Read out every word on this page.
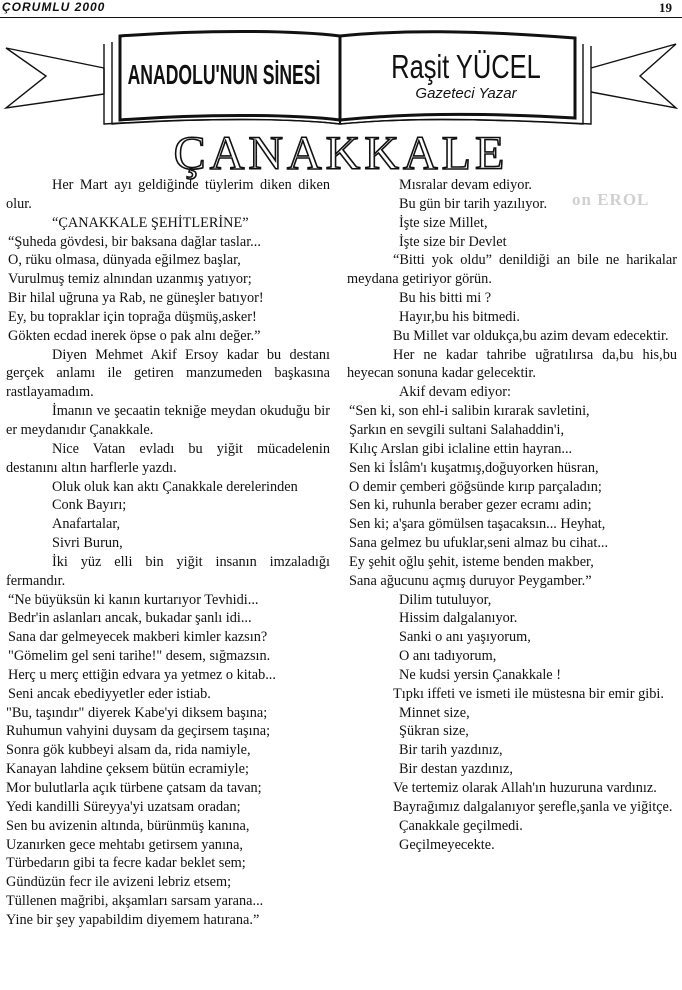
ÇORUMLU 2000	19
ANADOLU'NUN SİNESİ Raşit YÜCEL
Gazeteci Yazar
ÇANAKKALE
on EROL

Her Mart ayı geldiğinde tüylerim diken diken olur.

“ÇANAKKALE ŞEHİTLERİNE”

“Şuheda gövdesi, bir baksana dağlar taslar...

O, rüku olmasa, dünyada eğilmez başlar,

Vurulmuş temiz alnından uzanmış yatıyor;

Bir hilal uğruna ya Rab, ne güneşler batıyor!

Ey, bu topraklar için toprağa düşmüş,asker!

Gökten ecdad inerek öpse o pak alnı değer.”

Diyen Mehmet Akif Ersoy kadar bu destanı gerçek anlamı ile getiren manzumeden başkasına rastlayamadım.

İmanın ve şecaatin tekniğe meydan okuduğu bir er meydanıdır Çanakkale.

Nice Vatan evladı bu yiğit mücadelenin destanını altın harflerle yazdı.

Oluk oluk kan aktı Çanakkale derelerinden

Conk Bayırı;

Anafartalar,

Sivri Burun,

İki yüz elli bin yiğit insanın imzaladığı fermandır.

“Ne büyüksün ki kanın kurtarıyor Tevhidi...

Bedr'in aslanları ancak, bukadar şanlı idi...

Sana dar gelmeyecek makberi kimler kazsın?

"Gömelim gel seni tarihe!" desem, sığmazsın.

Herç u merç ettiğin edvara ya yetmez o kitab...

Seni ancak ebediyyetler eder istiab.

"Bu, taşındır" diyerek Kabe'yi diksem başına;

Ruhumun vahyini duysam da geçirsem taşına;

Sonra gök kubbeyi alsam da, rida namiyle,

Kanayan lahdine çeksem bütün ecramiyle;

Mor bulutlarla açık türbene çatsam da tavan;

Yedi kandilli Süreyya'yi uzatsam oradan;

Sen bu avizenin altında, bürünmüş kanına,

Uzanırken gece mehtabı getirsem yanına,

Türbedarın gibi ta fecre kadar beklet sem;

Gündüzün fecr ile avizeni lebriz etsem;

Tüllenen mağribi, akşamları sarsam yarana...

Yine bir şey yapabildim diyemem hatırana.”

Mısralar devam ediyor.

Bu gün bir tarih yazılıyor.

İşte size Millet,

İşte size bir Devlet

“Bitti yok oldu” denildiği an bile ne harikalar meydana getiriyor görün.

Bu his bitti mi ?

Hayır,bu his bitmedi.

Bu Millet var oldukça,bu azim devam edecektir.

Her ne kadar tahribe uğratılırsa da,bu his,bu heyecan sonuna kadar gelecektir.

Akif devam ediyor:

“Sen ki, son ehl-i salibin kırarak savletini,

Şarkın en sevgili sultani Salahaddin'i,

Kılıç Arslan gibi iclaline ettin hayran...

Sen ki İslâm'ı kuşatmış,doğuyorken hüsran,

O demir çemberi göğsünde kırıp parçaladın;

Sen ki, ruhunla beraber gezer ecramı adin;

Sen ki; a'şara gömülsen taşacaksın... Heyhat,

Sana gelmez bu ufuklar,seni almaz bu cihat...

Ey şehit oğlu şehit, isteme benden makber,

Sana ağucunu açmış duruyor Peygamber.”

Dilim tutuluyor,

Hissim dalgalanıyor.

Sanki o anı yaşıyorum,

O anı tadıyorum,

Ne kudsi yersin Çanakkale !

Tıpkı iffeti ve ismeti ile müstesna bir emir gibi.

Minnet size,

Şükran size,

Bir tarih yazdınız,

Bir destan yazdınız,

Ve tertemiz olarak Allah'ın huzuruna vardınız.

Bayrağımız dalgalanıyor şerefle,şanla ve yiğitçe.

Çanakkale geçilmedi.

Geçilmeyecekte.
